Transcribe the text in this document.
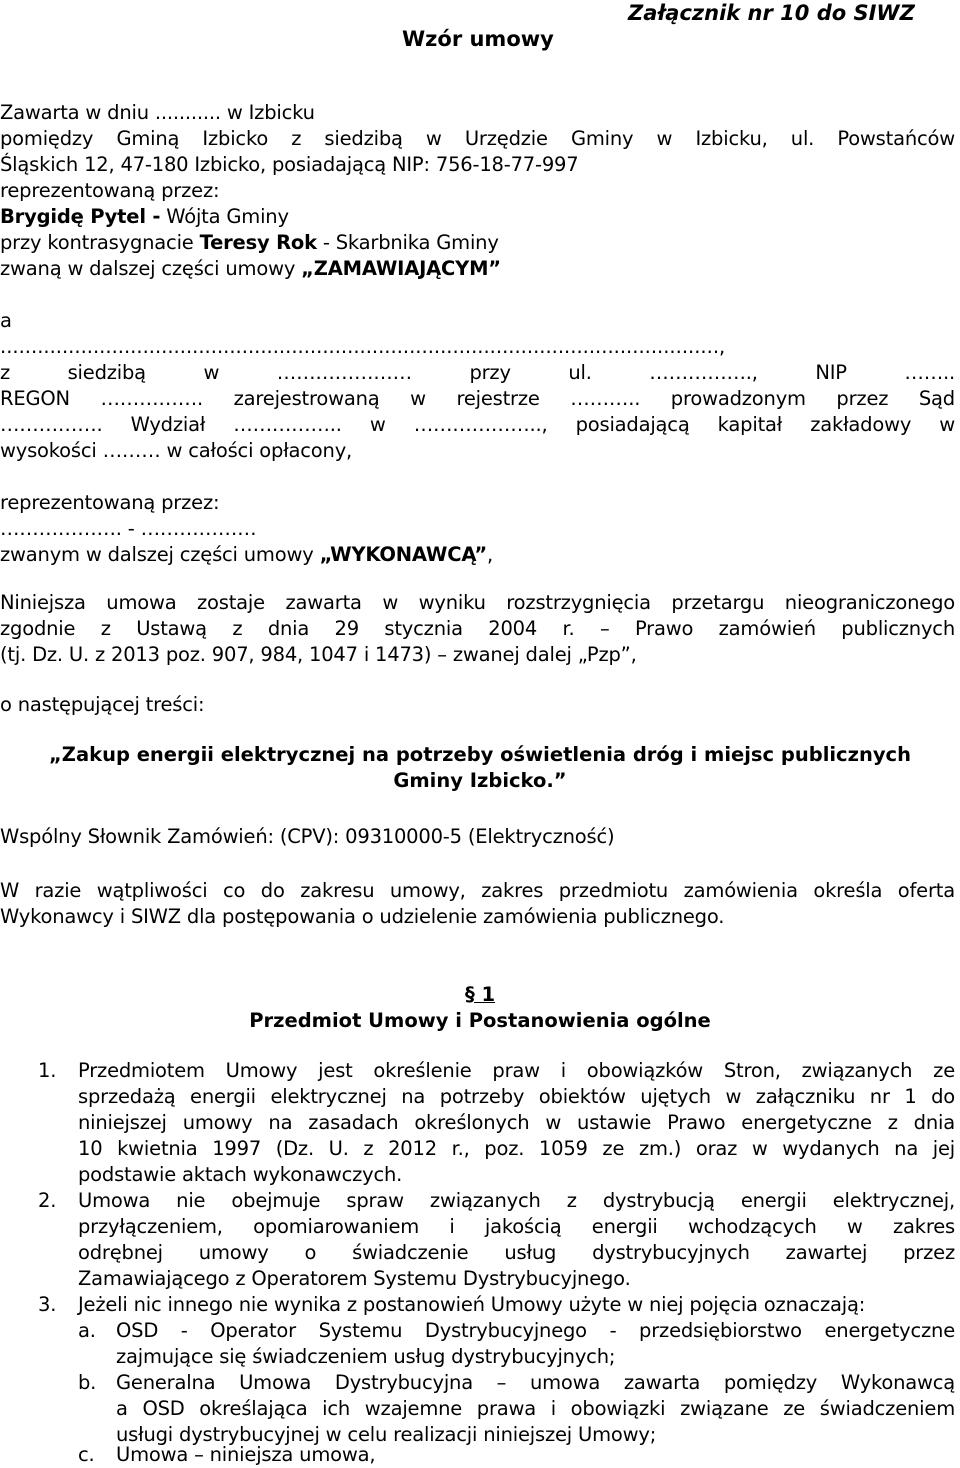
Załącznik nr 10 do SIWZ
Wzór umowy
Zawarta w dniu ........... w Izbicku
pomiędzy Gminą Izbicko z siedzibą w Urzędzie Gminy w Izbicku, ul. Powstańców
Śląskich 12, 47-180 Izbicko, posiadającą NIP: 756-18-77-997
reprezentowaną przez:
Brygidę Pytel - Wójta Gminy
przy kontrasygnacie Teresy Rok - Skarbnika Gminy
zwaną w dalszej części umowy „ZAMAWIAJĄCYM”
a
....................................................................................................................,
z siedzibą w ………………… przy ul. ……………., NIP ……..
REGON ……………. zarejestrowaną w rejestrze ……….. prowadzonym przez Sąd
……………. Wydział …………….. w ……………….., posiadającą kapitał zakładowy w
wysokości ……… w całości opłacony,
reprezentowaną przez:
………………. - ………………
zwanym w dalszej części umowy „WYKONAWCĄ”,
Niniejsza umowa zostaje zawarta w wyniku rozstrzygnięcia przetargu nieograniczonego
zgodnie z Ustawą z dnia 29 stycznia 2004 r. – Prawo zamówień publicznych
(tj. Dz. U. z 2013 poz. 907, 984, 1047 i 1473) – zwanej dalej „Pzp”,
o następującej treści:
„Zakup energii elektrycznej na potrzeby oświetlenia dróg i miejsc publicznych
Gminy Izbicko.”
Wspólny Słownik Zamówień: (CPV): 09310000-5 (Elektryczność)
W razie wątpliwości co do zakresu umowy, zakres przedmiotu zamówienia określa oferta
Wykonawcy i SIWZ dla postępowania o udzielenie zamówienia publicznego.
§ 1
Przedmiot Umowy i Postanowienia ogólne
1.	Przedmiotem Umowy jest określenie praw i obowiązków Stron, związanych ze
sprzedażą energii elektrycznej na potrzeby obiektów ujętych w załączniku nr 1 do
niniejszej umowy na zasadach określonych w ustawie Prawo energetyczne z dnia
10 kwietnia 1997 (Dz. U. z 2012 r., poz. 1059 ze zm.) oraz w wydanych na jej
podstawie aktach wykonawczych.
2.	Umowa nie obejmuje spraw związanych z dystrybucją energii elektrycznej,
przyłączeniem, opomiarowaniem i jakością energii wchodzących w zakres
odrębnej umowy o świadczenie usług dystrybucyjnych zawartej przez
Zamawiającego z Operatorem Systemu Dystrybucyjnego.
3.	Jeżeli nic innego nie wynika z postanowień Umowy użyte w niej pojęcia oznaczają:
a.	OSD - Operator Systemu Dystrybucyjnego - przedsiębiorstwo energetyczne
zajmujące się świadczeniem usług dystrybucyjnych;
b.	Generalna Umowa Dystrybucyjna – umowa zawarta pomiędzy Wykonawcą
a OSD określająca ich wzajemne prawa i obowiązki związane ze świadczeniem
usługi dystrybucyjnej w celu realizacji niniejszej Umowy;
c.	Umowa – niniejsza umowa,
